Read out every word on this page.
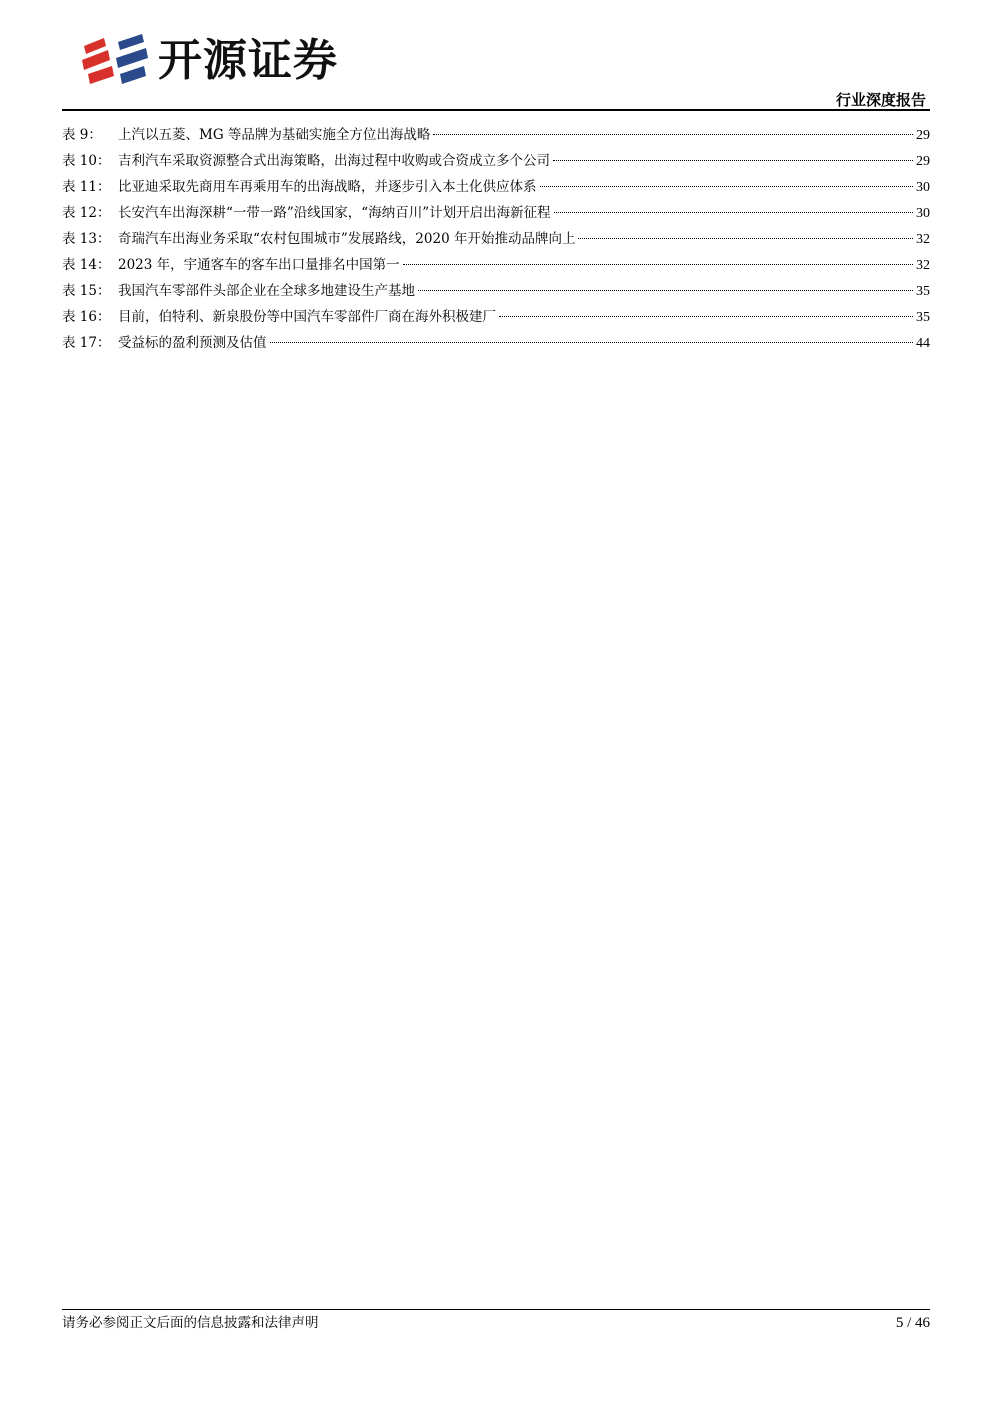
开源证券
行业深度报告
表 9：	上汽以五菱、MG 等品牌为基础实施全方位出海战略	29
表 10： 吉利汽车采取资源整合式出海策略，出海过程中收购或合资成立多个公司	29
表 11： 比亚迪采取先商用车再乘用车的出海战略，并逐步引入本土化供应体系	30
表 12： 长安汽车出海深耕“一带一路”沿线国家，“海纳百川”计划开启出海新征程	30
表 13： 奇瑞汽车出海业务采取“农村包围城市”发展路线，2020 年开始推动品牌向上	32
表 14： 2023 年，宇通客车的客车出口量排名中国第一	32
表 15： 我国汽车零部件头部企业在全球多地建设生产基地	35
表 16： 目前，伯特利、新泉股份等中国汽车零部件厂商在海外积极建厂	35
表 17： 受益标的盈利预测及估值	44
请务必参阅正文后面的信息披露和法律声明	5 / 46
